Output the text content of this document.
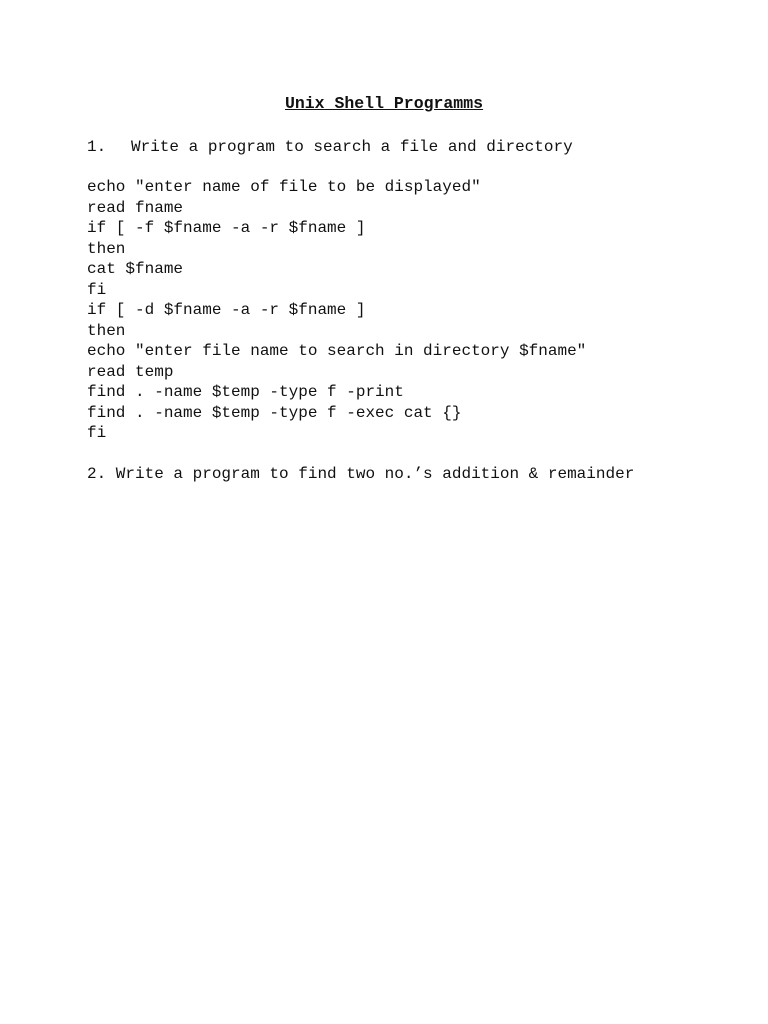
Unix Shell Programms
1. Write a program to search a file and directory
echo "enter name of file to be displayed"
read fname
if [ -f $fname -a -r $fname ]
then
cat $fname
fi
if [ -d $fname -a -r $fname ]
then
echo "enter file name to search in directory $fname"
read temp
find . -name $temp -type f -print
find . -name $temp -type f -exec cat {}
fi
2. Write a program to find two no.’s addition & remainder
